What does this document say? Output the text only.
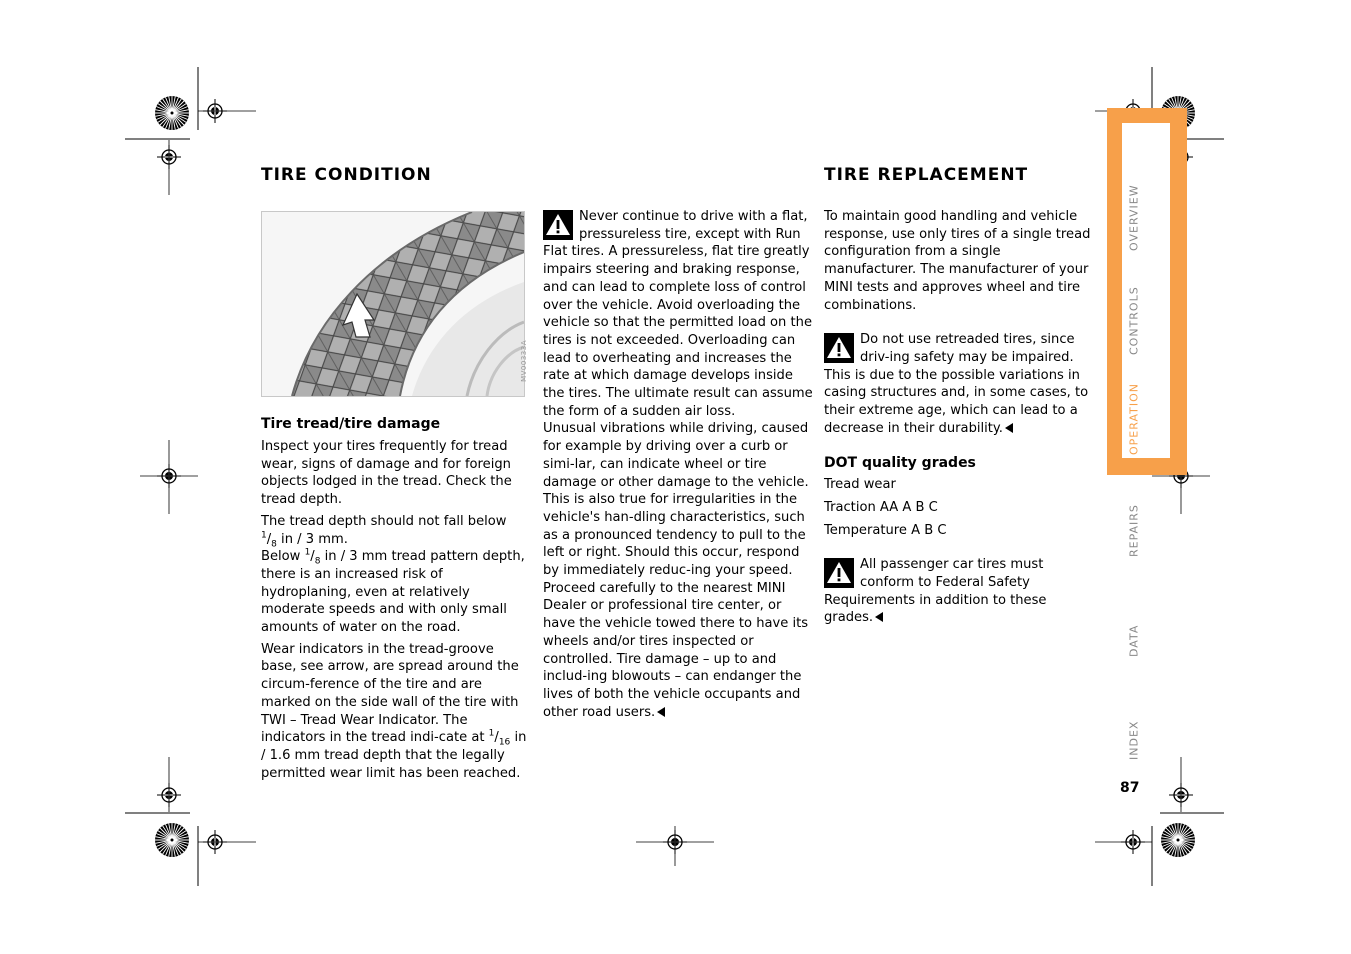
OVERVIEW
CONTROLS
OPERATION
REPAIRS
DATA
INDEX
87
TIRE CONDITION
MV00333A
Tire tread/tire damage

Inspect your tires frequently for tread wear, signs of damage and for foreign objects lodged in the tread. Check the tread depth.

The tread depth should not fall below
$^1/_8$ in / 3 mm.
Below $^1/_8$ in / 3 mm tread pattern depth, there is an increased risk of hydroplaning, even at relatively moderate speeds and with only small amounts of water on the road.

Wear indicators in the tread-groove base, see arrow, are spread around the circum-ference of the tire and are marked on the side wall of the tire with TWI – Tread Wear Indicator. The indicators in the tread indi-cate at $^1/_{16}$ in / 1.6 mm tread depth that the legally permitted wear limit has been reached.

Never continue to drive with a flat, pressureless tire, except with Run Flat tires. A pressureless, flat tire greatly impairs steering and braking response, and can lead to complete loss of control over the vehicle. Avoid overloading the vehicle so that the permitted load on the tires is not exceeded. Overloading can lead to overheating and increases the rate at which damage develops inside the tires. The ultimate result can assume the form of a sudden air loss.

Unusual vibrations while driving, caused for example by driving over a curb or simi-lar, can indicate wheel or tire damage or other damage to the vehicle. This is also true for irregularities in the vehicle's han-dling characteristics, such as a pronounced tendency to pull to the left or right. Should this occur, respond by immediately reduc-ing your speed. Proceed carefully to the nearest MINI Dealer or professional tire center, or have the vehicle towed there to have its wheels and/or tires inspected or controlled. Tire damage – up to and includ-ing blowouts – can endanger the lives of both the vehicle occupants and other road users.

TIRE REPLACEMENT

To maintain good handling and vehicle response, use only tires of a single tread configuration from a single manufacturer. The manufacturer of your MINI tests and approves wheel and tire combinations.

Do not use retreaded tires, since driv-ing safety may be impaired. This is due to the possible variations in casing structures and, in some cases, to their extreme age, which can lead to a decrease in their durability.

DOT quality grades

Tread wear

Traction AA A B C

Temperature A B C

All passenger car tires must conform to Federal Safety Requirements in addition to these grades.
